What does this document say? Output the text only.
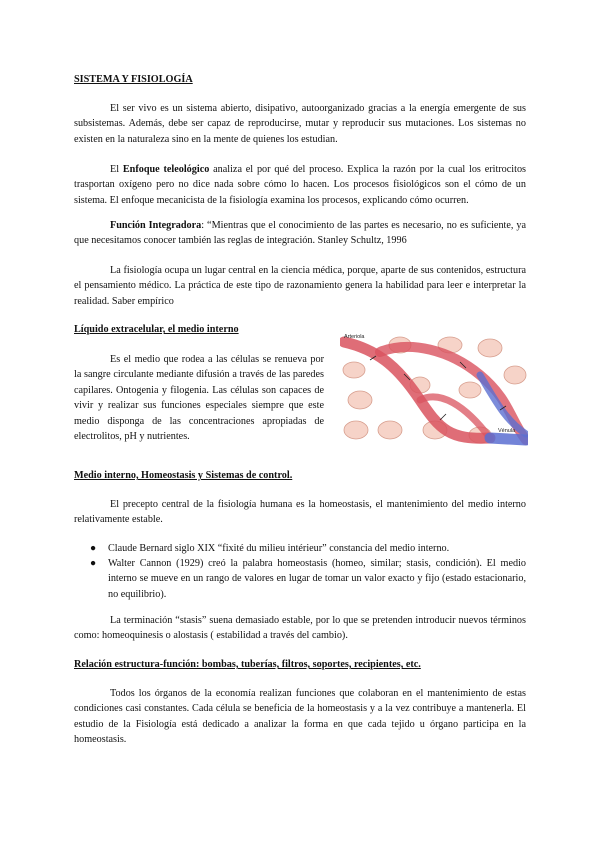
SISTEMA Y FISIOLOGÍA

El ser vivo es un sistema abierto, disipativo, autoorganizado gracias a la energía emergente de sus subsistemas. Además, debe ser capaz de reproducirse, mutar y reproducir sus mutaciones. Los sistemas no existen en la naturaleza sino en la mente de quienes los estudian.

El Enfoque teleológico analiza el por qué del proceso. Explica la razón por la cual los eritrocitos trasportan oxígeno pero no dice nada sobre cómo lo hacen. Los procesos fisiológicos son el cómo de un sistema. El enfoque mecanicista de la fisiología examina los procesos, explicando cómo ocurren.

Función Integradora: “Mientras que el conocimiento de las partes es necesario, no es suficiente, ya que necesitamos conocer también las reglas de integración. Stanley Schultz, 1996

La fisiología ocupa un lugar central en la ciencia médica, porque, aparte de sus contenidos, estructura el pensamiento médico. La práctica de este tipo de razonamiento genera la habilidad para leer e interpretar la realidad. Saber empírico

Líquido extracelular, el medio interno

Es el medio que rodea a las células se renueva por la sangre circulante mediante difusión a través de las paredes capilares. Ontogenia y filogenia. Las células son capaces de vivir y realizar sus funciones especiales siempre que este medio disponga de las concentraciones apropiadas de electrolitos, pH y nutrientes.

Arteriola
Vénula
Medio interno, Homeostasis y Sistemas de control.

El precepto central de la fisiología humana es la homeostasis, el mantenimiento del medio interno relativamente estable.

● Claude Bernard siglo XIX “fixité du milieu intérieur” constancia del medio interno.
● Walter Cannon (1929) creó la palabra homeostasis (homeo, similar; stasis, condición). El medio interno se mueve en un rango de valores en lugar de tomar un valor exacto y fijo (estado estacionario, no equilibrio).

La terminación “stasis” suena demasiado estable, por lo que se pretenden introducir nuevos términos como: homeoquinesis o alostasis ( estabilidad a través del cambio).

Relación estructura-función: bombas, tuberías, filtros, soportes, recipientes, etc.

Todos los órganos de la economía realizan funciones que colaboran en el mantenimiento de estas condiciones casi constantes. Cada célula se beneficia de la homeostasis y a la vez contribuye a mantenerla. El estudio de la Fisiología está dedicado a analizar la forma en que cada tejido u órgano participa en la homeostasis.
